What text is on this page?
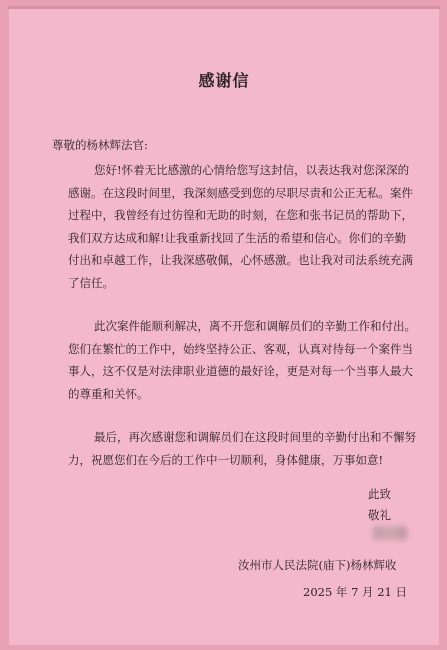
感谢信
尊敬的杨林辉法官:
您好!怀着无比感激的心情给您写这封信，以表达我对您深深的
感谢。在这段时间里，我深刻感受到您的尽职尽责和公正无私。案件
过程中，我曾经有过彷徨和无助的时刻，在您和张书记员的帮助下，
我们双方达成和解!让我重新找回了生活的希望和信心。你们的辛勤
付出和卓越工作，让我深感敬佩，心怀感激。也让我对司法系统充满
了信任。
此次案件能顺利解决，离不开您和调解员们的辛勤工作和付出。
您们在繁忙的工作中，始终坚持公正、客观，认真对待每一个案件当
事人，这不仅是对法律职业道德的最好诠，更是对每一个当事人最大
的尊重和关怀。
最后，再次感谢您和调解员们在这段时间里的辛勤付出和不懈努
力，祝愿您们在今后的工作中一切顺利，身体健康，万事如意!
此致
敬礼
汝州市人民法院(庙下)杨林辉收
2025 年 7 月 21 日
